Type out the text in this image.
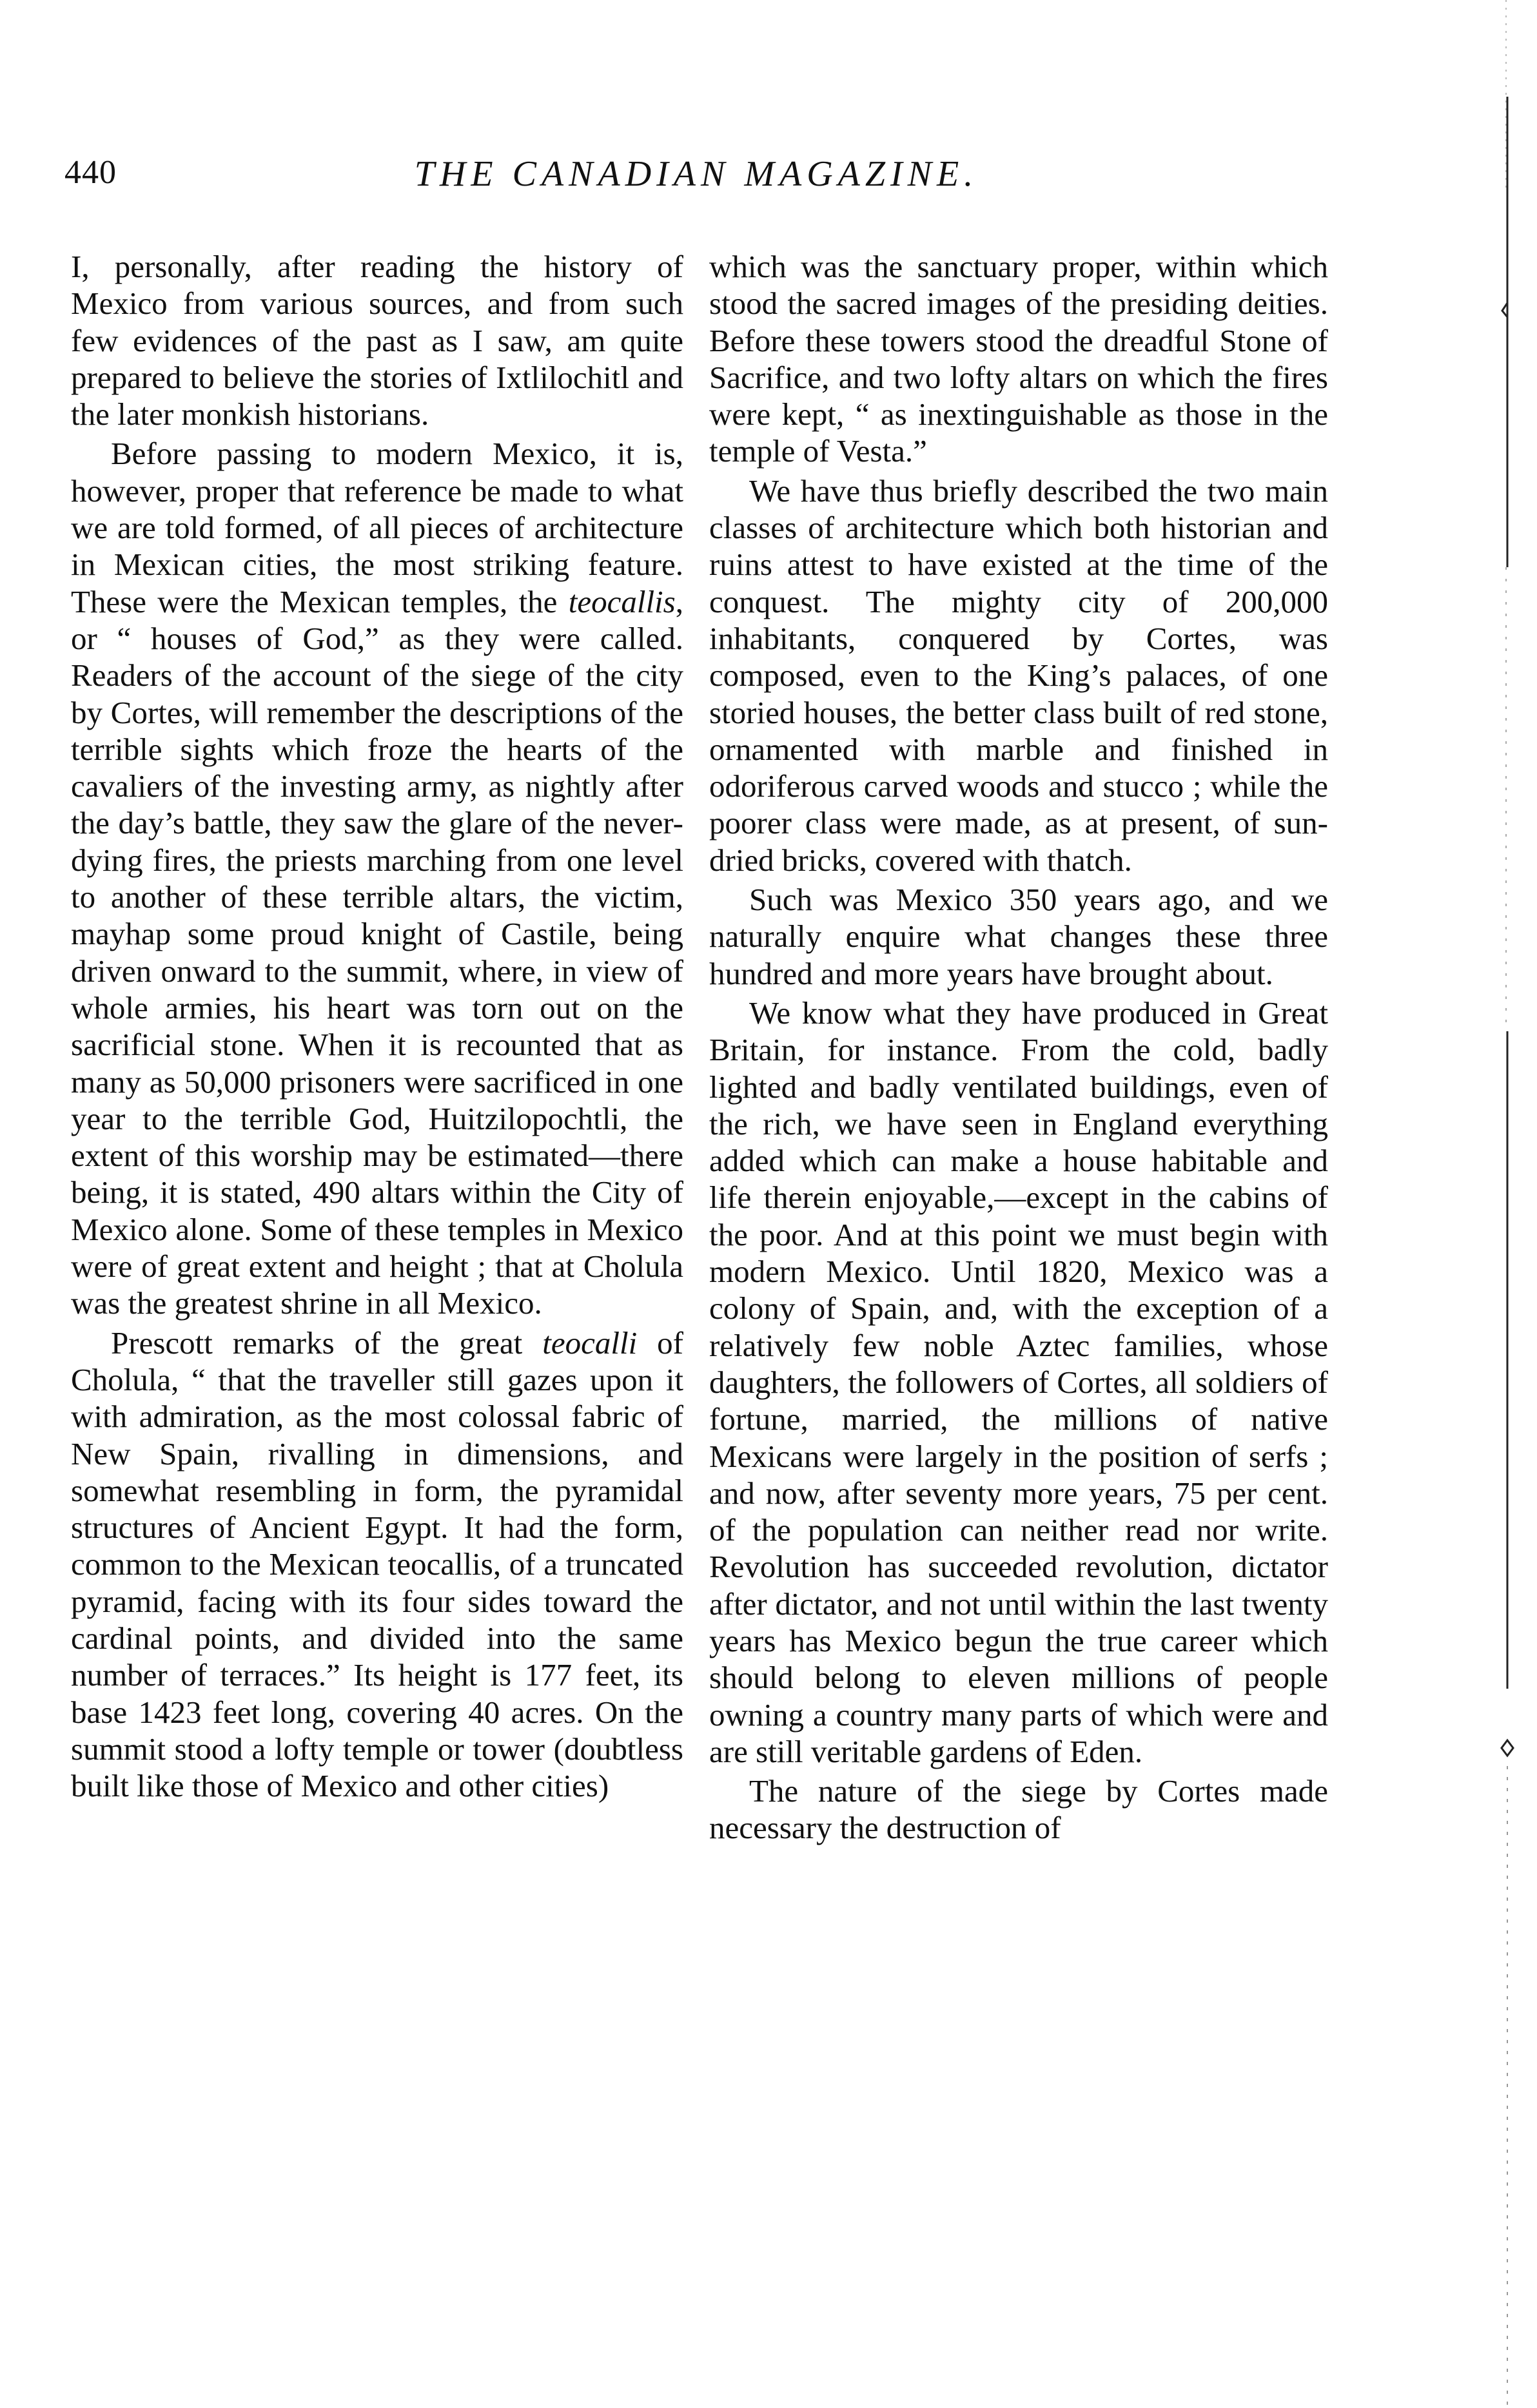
440	THE CANADIAN MAGAZINE.

I, personally, after reading the history of Mexico from various sources, and from such few evidences of the past as I saw, am quite prepared to believe the stories of Ixtlilochitl and the later monkish historians.

Before passing to modern Mexico, it is, however, proper that reference be made to what we are told formed, of all pieces of architecture in Mexican cities, the most striking feature. These were the Mexican temples, the teocallis, or “ houses of God,” as they were called. Readers of the account of the siege of the city by Cortes, will remember the descriptions of the terrible sights which froze the hearts of the cavaliers of the investing army, as nightly after the day’s battle, they saw the glare of the never-dying fires, the priests marching from one level to another of these terrible altars, the victim, mayhap some proud knight of Castile, being driven onward to the summit, where, in view of whole armies, his heart was torn out on the sacrificial stone. When it is recounted that as many as 50,000 prisoners were sacrificed in one year to the terrible God, Huitzilopochtli, the extent of this worship may be estimated—there being, it is stated, 490 altars within the City of Mexico alone. Some of these temples in Mexico were of great extent and height ; that at Cholula was the greatest shrine in all Mexico.

Prescott remarks of the great teocalli of Cholula, “ that the traveller still gazes upon it with admiration, as the most colossal fabric of New Spain, rivalling in dimensions, and somewhat resembling in form, the pyramidal structures of Ancient Egypt. It had the form, common to the Mexican teocallis, of a truncated pyramid, facing with its four sides toward the cardinal points, and divided into the same number of terraces.” Its height is 177 feet, its base 1423 feet long, covering 40 acres. On the summit stood a lofty temple or tower (doubtless built like those of Mexico and other cities)

which was the sanctuary proper, within which stood the sacred images of the presiding deities. Before these towers stood the dreadful Stone of Sacrifice, and two lofty altars on which the fires were kept, “ as inextinguishable as those in the temple of Vesta.”

We have thus briefly described the two main classes of architecture which both historian and ruins attest to have existed at the time of the conquest. The mighty city of 200,000 inhabitants, conquered by Cortes, was composed, even to the King’s palaces, of one storied houses, the better class built of red stone, ornamented with marble and finished in odoriferous carved woods and stucco ; while the poorer class were made, as at present, of sun-dried bricks, covered with thatch.

Such was Mexico 350 years ago, and we naturally enquire what changes these three hundred and more years have brought about.

We know what they have produced in Great Britain, for instance. From the cold, badly lighted and badly ventilated buildings, even of the rich, we have seen in England everything added which can make a house habitable and life therein enjoyable,—except in the cabins of the poor. And at this point we must begin with modern Mexico. Until 1820, Mexico was a colony of Spain, and, with the exception of a relatively few noble Aztec families, whose daughters, the followers of Cortes, all soldiers of fortune, married, the millions of native Mexicans were largely in the position of serfs ; and now, after seventy more years, 75 per cent. of the population can neither read nor write. Revolution has succeeded revolution, dictator after dictator, and not until within the last twenty years has Mexico begun the true career which should belong to eleven millions of people owning a country many parts of which were and are still veritable gardens of Eden.

The nature of the siege by Cortes made necessary the destruction of
